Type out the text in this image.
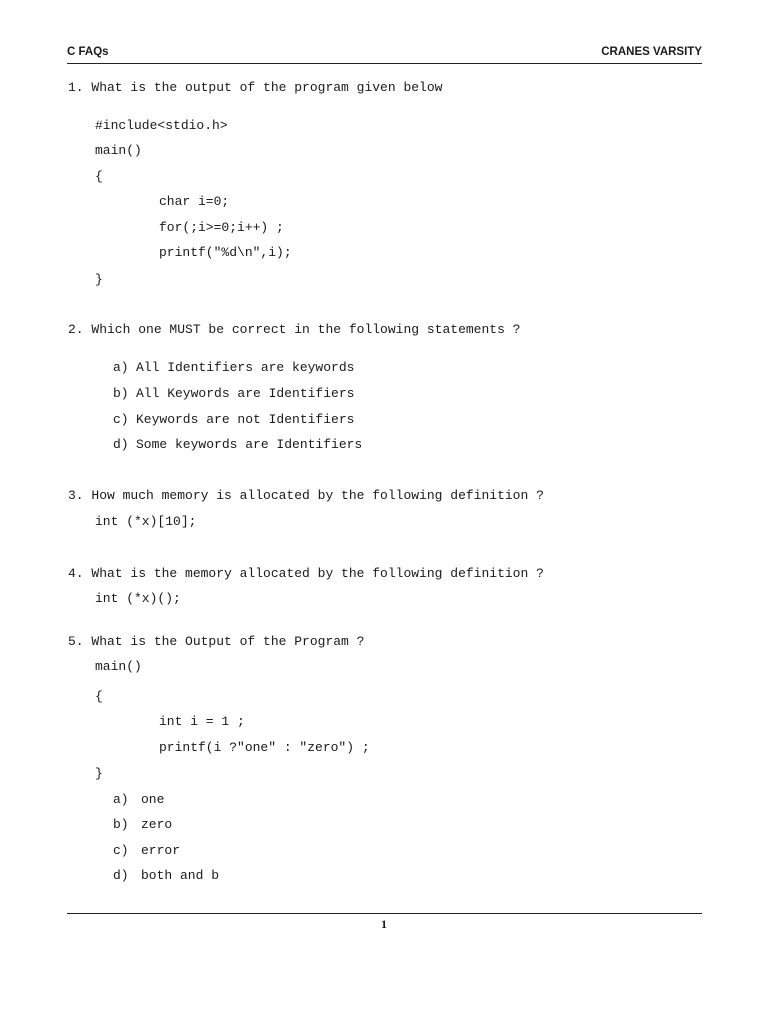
C FAQs	CRANES VARSITY
1. What is the output of the program given below
#include<stdio.h>
main()
{
char i=0;
for(;i>=0;i++) ;
printf("%d\n",i);
}
2. Which one MUST be correct in the following statements ?
a) All Identifiers are keywords
b) All Keywords are Identifiers
c) Keywords are not Identifiers
d) Some keywords are Identifiers
3. How much memory is allocated by the following definition ?
int (*x)[10];
4. What is the memory allocated by the following definition ?
int (*x)();
5. What is the Output of the Program ?
main()
{
int i = 1 ;
printf(i ?"one" : "zero") ;
}
a) one
b) zero
c) error
d) both and b
1
